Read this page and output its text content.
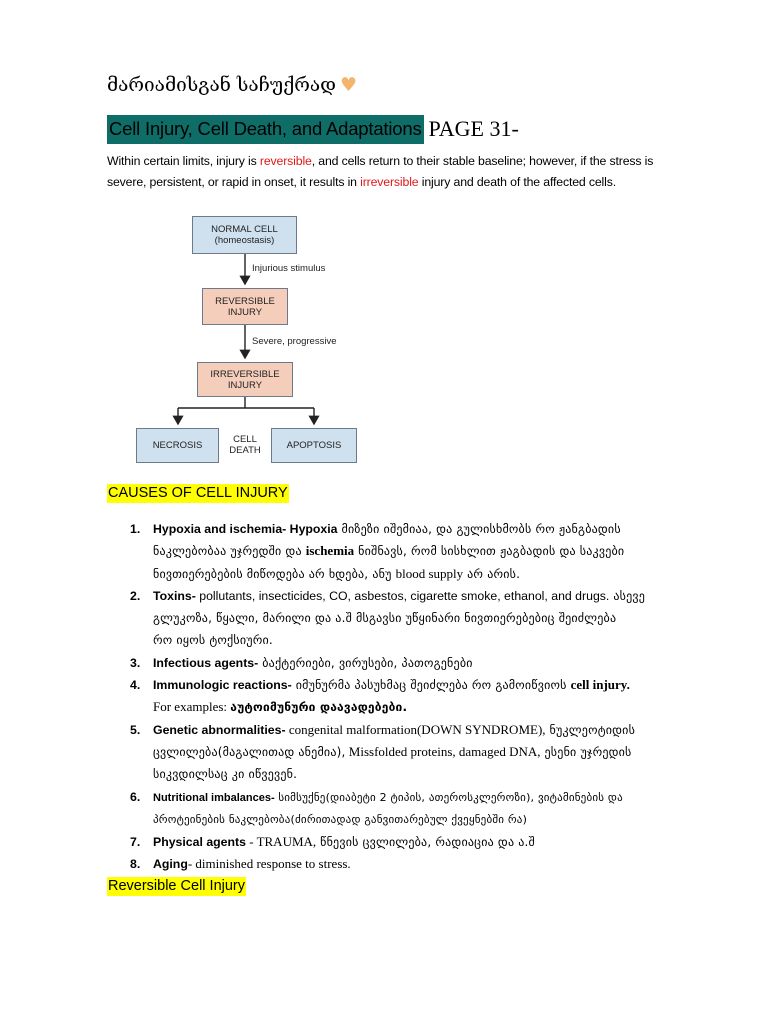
მარიამისგან საჩუქრად ♥
Cell Injury, Cell Death, and Adaptations PAGE 31-
Within certain limits, injury is reversible, and cells return to their stable baseline; however, if the stress is severe, persistent, or rapid in onset, it results in irreversible injury and death of the affected cells.
NORMAL CELL
(homeostasis)
Injurious stimulus
REVERSIBLE
INJURY
Severe, progressive
IRREVERSIBLE
INJURY
NECROSIS
CELL
DEATH	APOPTOSIS
CAUSES OF CELL INJURY
1. Hypoxia and ischemia- Hypoxia მიზეზი იშემიაა, და გულისხმობს რო ჟანგბადის
ნაკლებობაა უჯრედში და ischemia ნიშნავს, რომ სისხლით ჟაგბადის და საკვები
ნივთიერებების მიწოდება არ ხდება, ანუ blood supply არ არის.
2. Toxins- pollutants, insecticides, CO, asbestos, cigarette smoke, ethanol, and drugs. ასევე
გლუკოზა, წყალი, მარილი და ა.შ მსგავსი უწყინარი ნივთიერებებიც შეიძლება
რო იყოს ტოქსიური.
3. Infectious agents- ბაქტერიები, ვირუსები, პათოგენები
4. Immunologic reactions- იმუნურმა პასუხმაც შეიძლება რო გამოიწვიოს cell injury.
For examples: აუტოიმუნური დაავადებები.
5. Genetic abnormalities- congenital malformation(DOWN SYNDROME), ნუკლეოტიდის
ცვლილება(მაგალითად ანემია), Missfolded proteins, damaged DNA, ესენი უჯრედის
სიკვდილსაც კი იწვევენ.
6. Nutritional imbalances- სიმსუქნე(დიაბეტი 2 ტიპის, ათეროსკლეროზი), ვიტამინების და
პროტეინების ნაკლებობა(ძირითადად განვითარებულ ქვეყნებში რა)
7. Physical agents - TRAUMA, წნევის ცვლილება, რადიაცია და ა.შ
8. Aging- diminished response to stress.
Reversible Cell Injury
